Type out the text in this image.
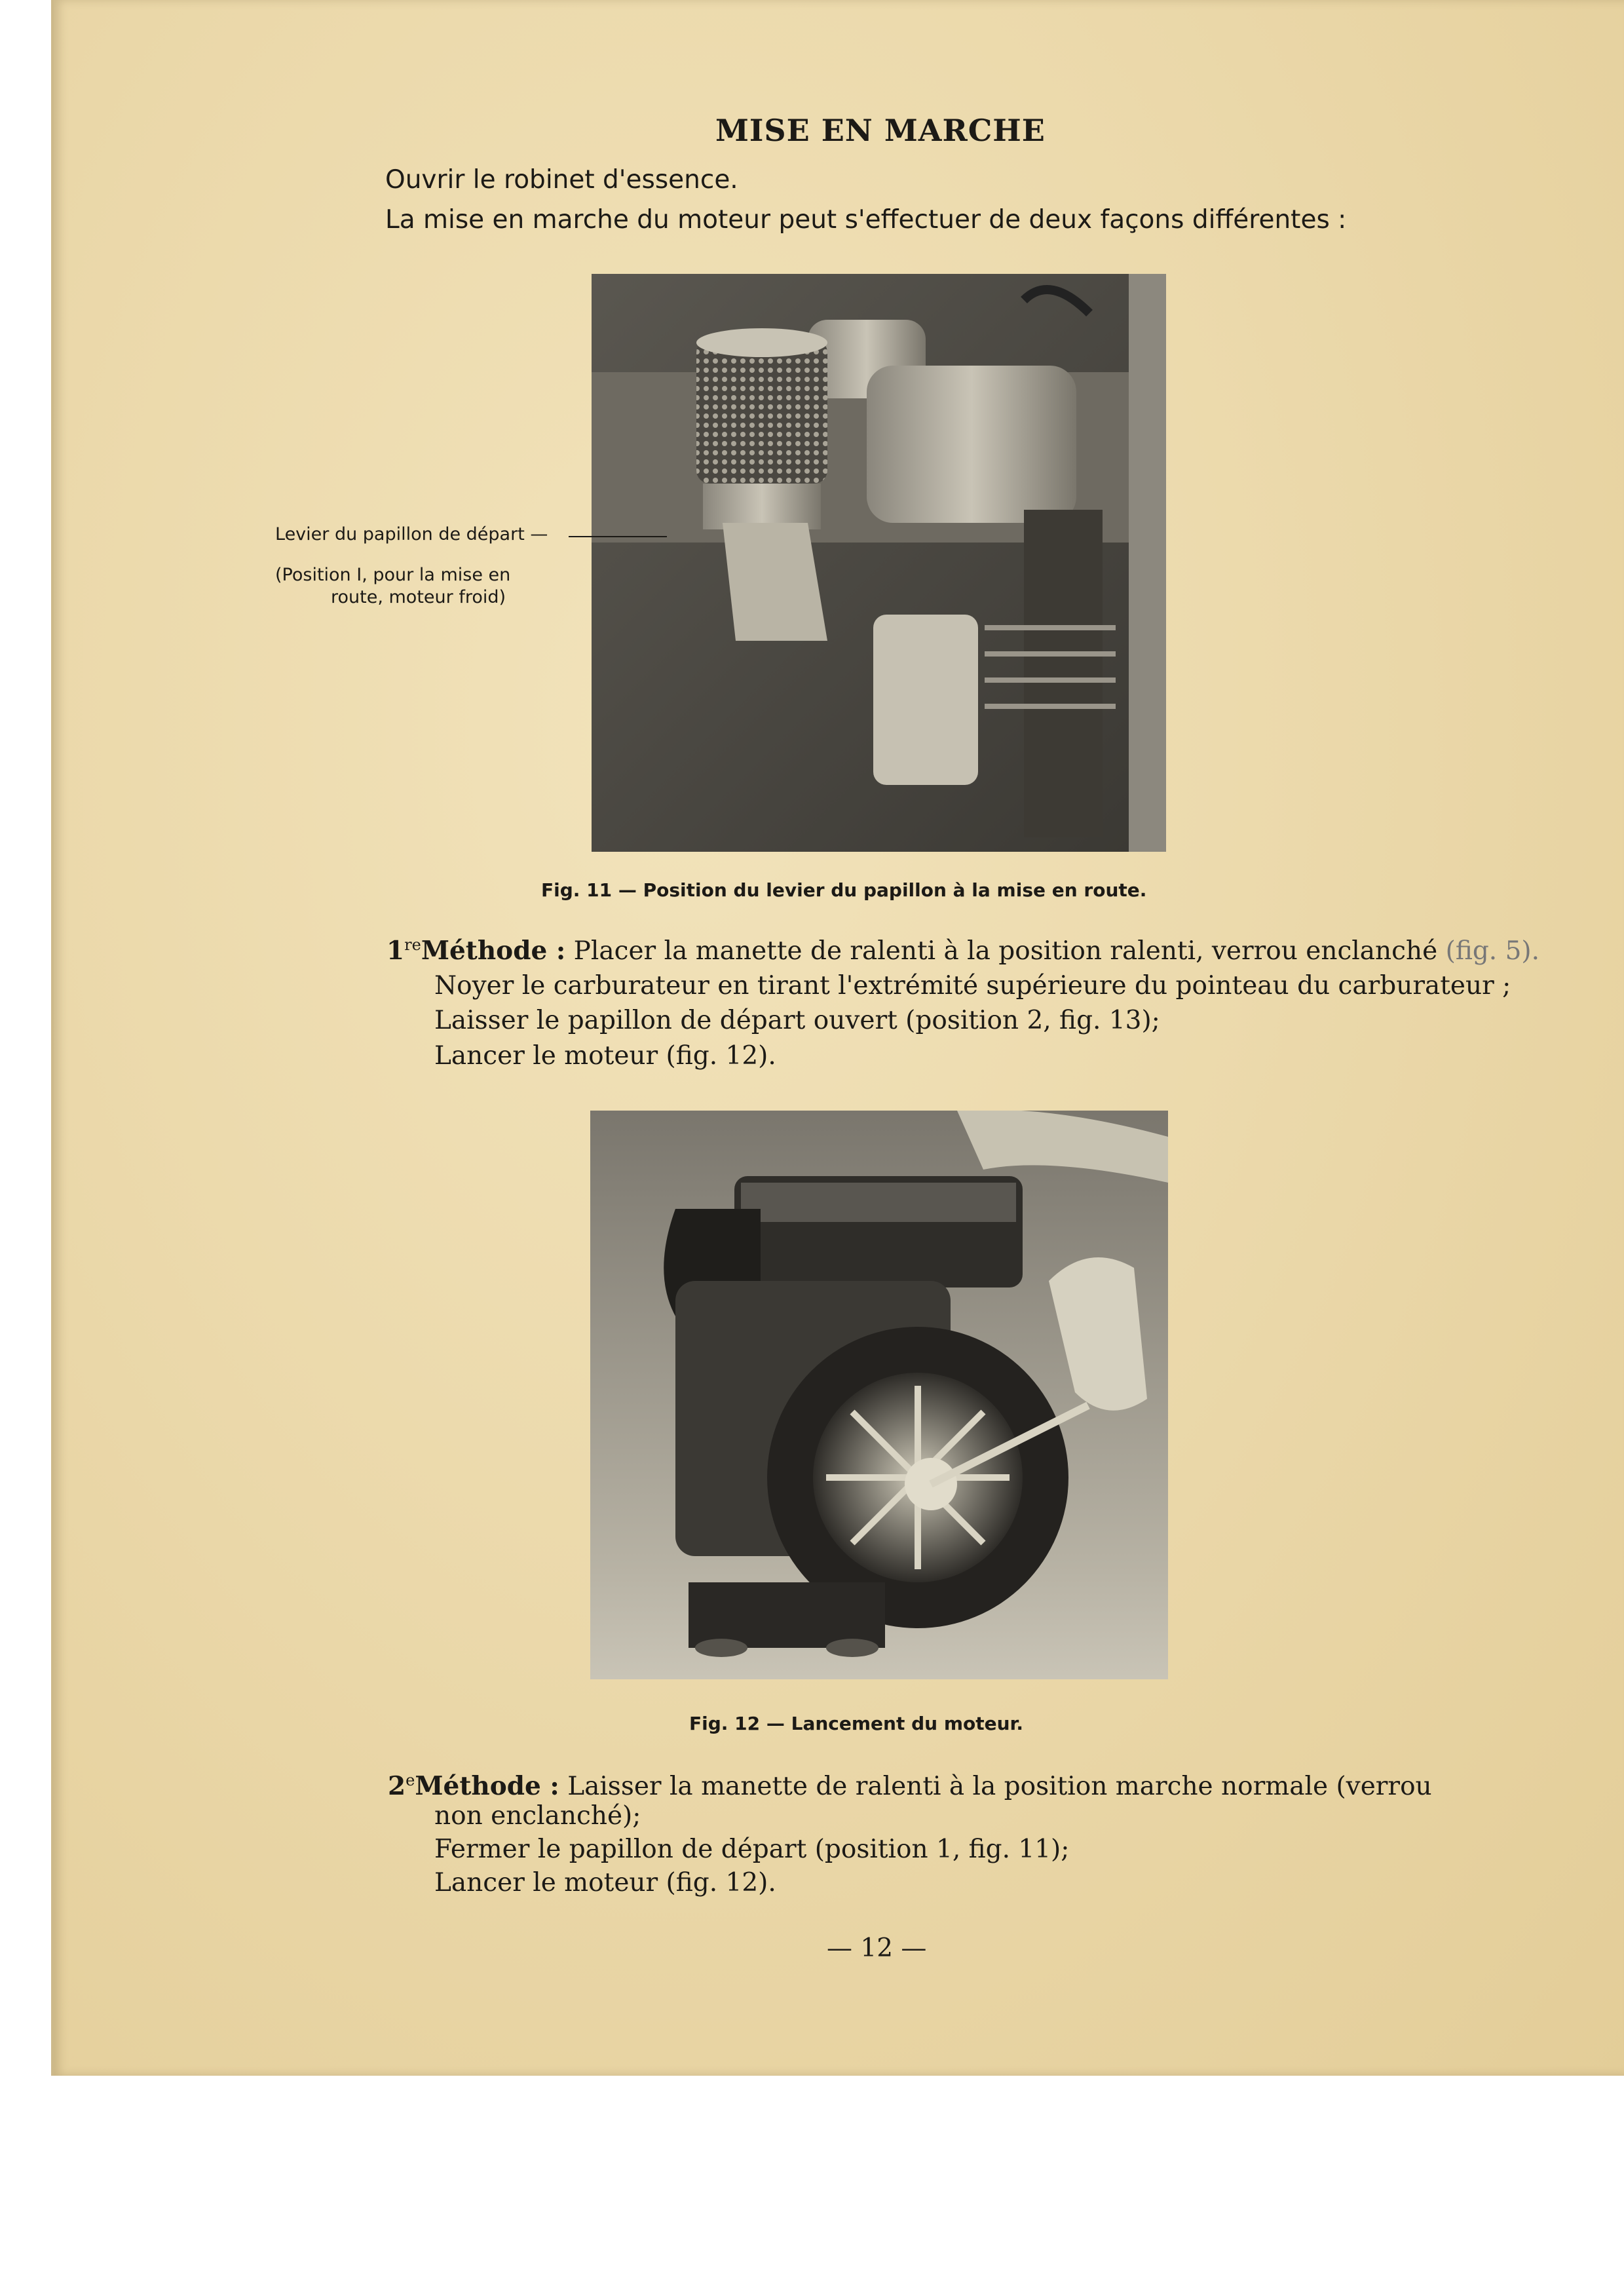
MISE EN MARCHE
Ouvrir le robinet d'essence.
La mise en marche du moteur peut s'effectuer de deux façons différentes :
Levier du papillon de départ —
(Position I, pour la mise en
route, moteur froid)
Fig. 11 — Position du levier du papillon à la mise en route.
1reMéthode : Placer la manette de ralenti à la position ralenti, verrou enclanché (fig. 5).
Noyer le carburateur en tirant l'extrémité supérieure du pointeau du carburateur ;
Laisser le papillon de départ ouvert (position 2, fig. 13);
Lancer le moteur (fig. 12).
Fig. 12 — Lancement du moteur.
2eMéthode : Laisser la manette de ralenti à la position marche normale (verrou
non enclanché);
Fermer le papillon de départ (position 1, fig. 11);
Lancer le moteur (fig. 12).
— 12 —
